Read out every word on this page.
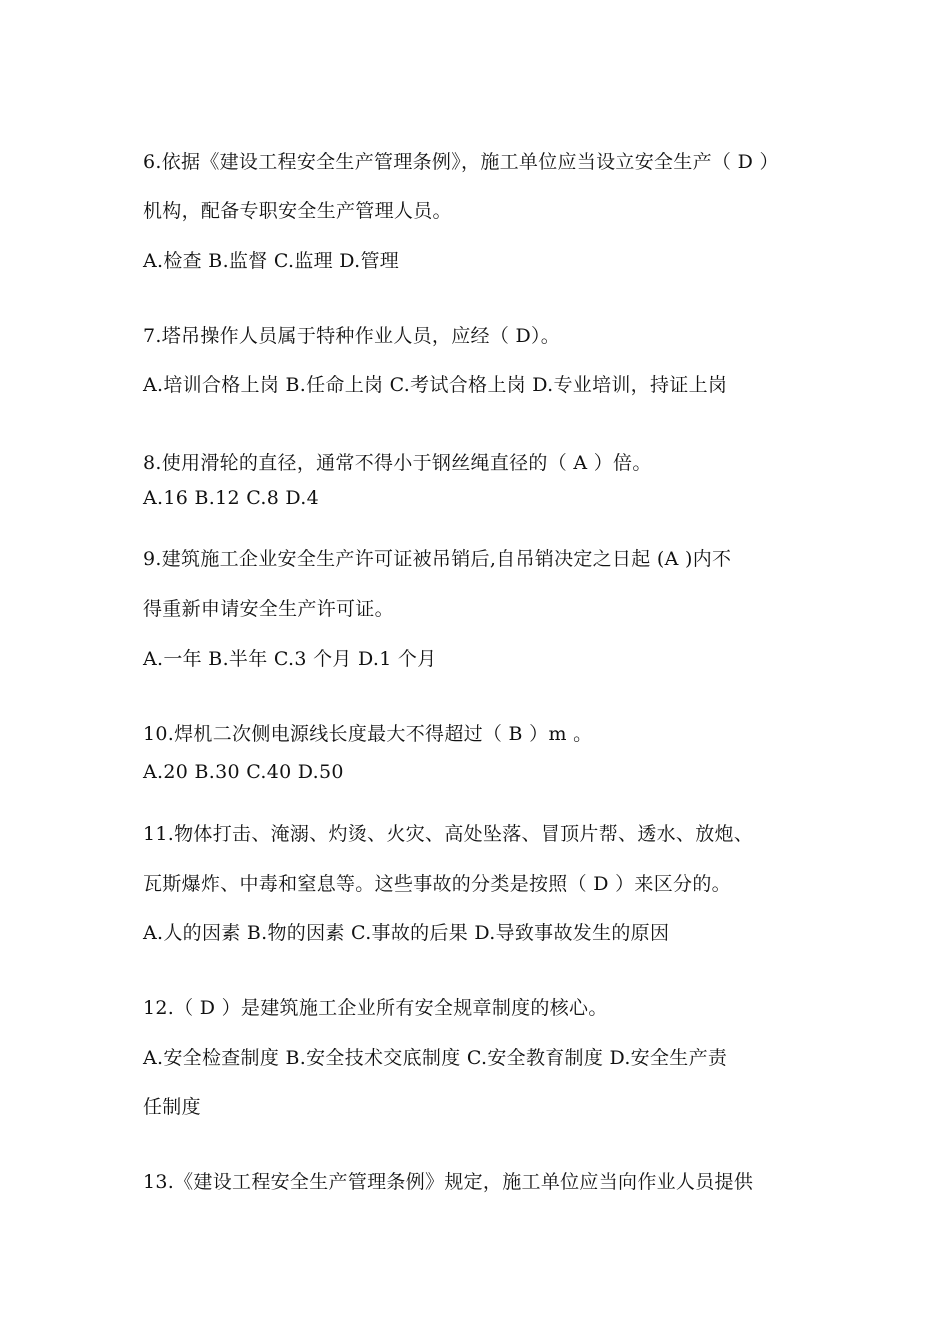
6.依据《建设工程安全生产管理条例》，施工单位应当设立安全生产（ D ）
机构，配备专职安全生产管理人员。
A.检查 B.监督 C.监理 D.管理
7.塔吊操作人员属于特种作业人员，应经（ D）。
A.培训合格上岗 B.任命上岗 C.考试合格上岗 D.专业培训，持证上岗
8.使用滑轮的直径，通常不得小于钢丝绳直径的（ A ）倍。
A.16 B.12 C.8 D.4
9.建筑施工企业安全生产许可证被吊销后,自吊销决定之日起 (A )内不
得重新申请安全生产许可证。
A.一年 B.半年 C.3 个月 D.1 个月
10.焊机二次侧电源线长度最大不得超过（ B ）m 。
A.20 B.30 C.40 D.50
11.物体打击、淹溺、灼烫、火灾、高处坠落、冒顶片帮、透水、放炮、
瓦斯爆炸、中毒和窒息等。这些事故的分类是按照（ D ）来区分的。
A.人的因素 B.物的因素 C.事故的后果 D.导致事故发生的原因
12.（ D ）是建筑施工企业所有安全规章制度的核心。
A.安全检查制度 B.安全技术交底制度 C.安全教育制度 D.安全生产责
任制度
13.《建设工程安全生产管理条例》规定，施工单位应当向作业人员提供
